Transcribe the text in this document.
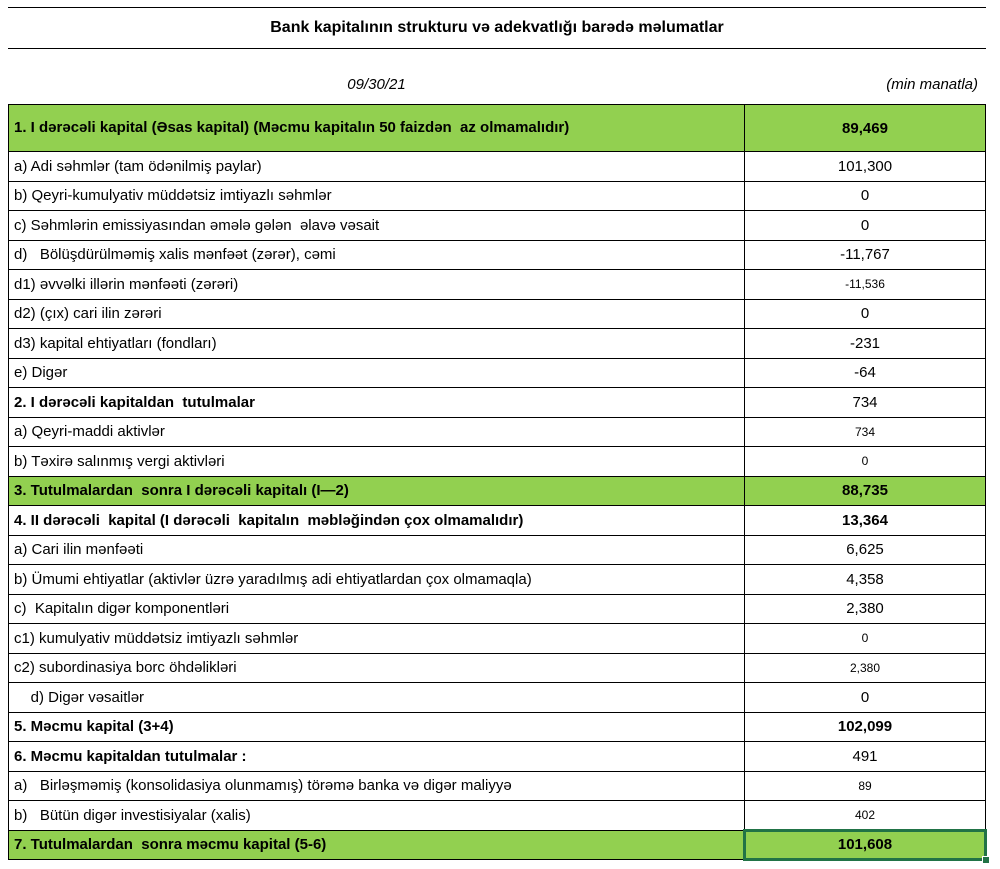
Bank kapitalının strukturu və adekvatlığı barədə məlumatlar
09/30/21	(min manatla)
1. I dərəcəli kapital (Əsas kapital) (Məcmu kapitalın 50 faizdən  az olmamalıdır)	89,469
a) Adi səhmlər (tam ödənilmiş paylar)	101,300
b) Qeyri-kumulyativ müddətsiz imtiyazlı səhmlər	0
c) Səhmlərin emissiyasından əmələ gələn  əlavə vəsait	0
d)   Bölüşdürülməmiş xalis mənfəət (zərər), cəmi	-11,767
d1) əvvəlki illərin mənfəəti (zərəri)	-11,536
d2) (çıx) cari ilin zərəri	0
d3) kapital ehtiyatları (fondları)	-231
e) Digər	-64
2. I dərəcəli kapitaldan  tutulmalar	734
a) Qeyri-maddi aktivlər	734
b) Təxirə salınmış vergi aktivləri	0
3. Tutulmalardan  sonra I dərəcəli kapitalı (I—2)	88,735
4. II dərəcəli  kapital (I dərəcəli  kapitalın  məbləğindən çox olmamalıdır)	13,364
a) Cari ilin mənfəəti	6,625
b) Ümumi ehtiyatlar (aktivlər üzrə yaradılmış adi ehtiyatlardan çox olmamaqla)	4,358
c)  Kapitalın digər komponentləri	2,380
c1) kumulyativ müddətsiz imtiyazlı səhmlər	0
c2) subordinasiya borc öhdəlikləri	2,380
d) Digər vəsaitlər	0
5. Məcmu kapital (3+4)	102,099
6. Məcmu kapitaldan tutulmalar :	491
a)   Birləşməmiş (konsolidasiya olunmamış) törəmə banka və digər maliyyə	89
b)   Bütün digər investisiyalar (xalis)	402
7. Tutulmalardan  sonra məcmu kapital (5-6)	101,608
